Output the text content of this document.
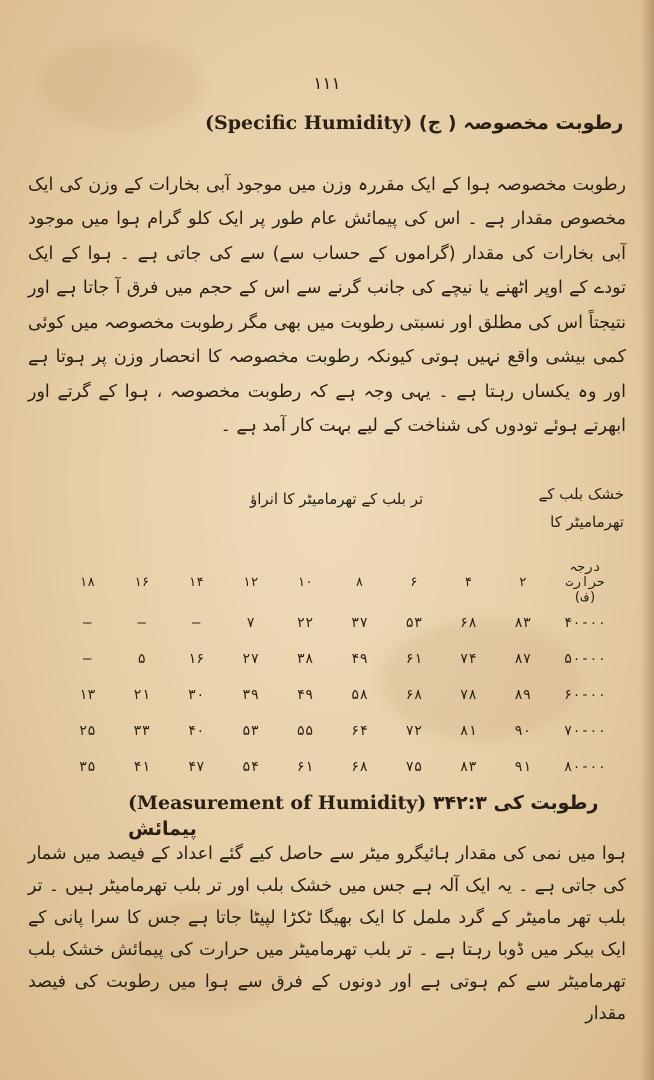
۱۱۱
(Specific Humidity) (ج ) رطوبت مخصوصہ

رطوبت مخصوصہ ہوا کے ایک مقررہ وزن میں موجود آبی بخارات کے وزن کی ایک مخصوص مقدار ہے ۔ اس کی پیمائش عام طور پر ایک کلو گرام ہوا میں موجود آبی بخارات کی مقدار (گراموں کے حساب سے) سے کی جاتی ہے ۔ ہوا کے ایک تودے کے اوپر اٹھنے یا نیچے کی جانب گرنے سے اس کے حجم میں فرق آ جاتا ہے اور نتیجتاً اس کی مطلق اور نسبتی رطوبت میں بھی مگر رطوبت مخصوصہ میں کوئی کمی بیشی واقع نہیں ہوتی کیونکہ رطوبت مخصوصہ کا انحصار وزن پر ہوتا ہے اور وہ یکساں رہتا ہے ۔ یہی وجہ ہے کہ رطوبت مخصوصہ ، ہوا کے گرتے اور ابھرتے ہوئے تودوں کی شناخت کے لیے بہت کار آمد ہے ۔

تر بلب کے تھرمامیٹر کا انراؤ	خشک بلب کے
تھرمامیٹر کا
درجہ حرارت (ف)	۲	۴	۶	۸	۱۰	۱۲	۱۴	۱۶	۱۸
۴۰-۰۰	۸۳	۶۸	۵۳	۳۷	۲۲	۷	—	—	—
۵۰-۰۰	۸۷	۷۴	۶۱	۴۹	۳۸	۲۷	۱۶	۵	—
۶۰-۰۰	۸۹	۷۸	۶۸	۵۸	۴۹	۳۹	۳۰	۲۱	۱۳
۷۰-۰۰	۹۰	۸۱	۷۲	۶۴	۵۵	۵۳	۴۰	۳۳	۲۵
۸۰-۰۰	۹۱	۸۳	۷۵	۶۸	۶۱	۵۴	۴۷	۴۱	۳۵
(Measurement of Humidity) ۳۴۲:۳ رطوبت کی پیمائش

ہوا میں نمی کی مقدار ہائیگرو میٹر سے حاصل کیے گئے اعداد کے فیصد میں شمار کی جاتی ہے ۔ یہ ایک آلہ ہے جس میں خشک بلب اور تر بلب تھرمامیٹر ہیں ۔ تر بلب تھر مامیٹر کے گرد ململ کا ایک بھیگا ٹکڑا لپیٹا جاتا ہے جس کا سرا پانی کے ایک بیکر میں ڈوبا رہتا ہے ۔ تر بلب تھرمامیٹر میں حرارت کی پیمائش خشک بلب تھرمامیٹر سے کم ہوتی ہے اور دونوں کے فرق سے ہوا میں رطوبت کی فیصد مقدار
